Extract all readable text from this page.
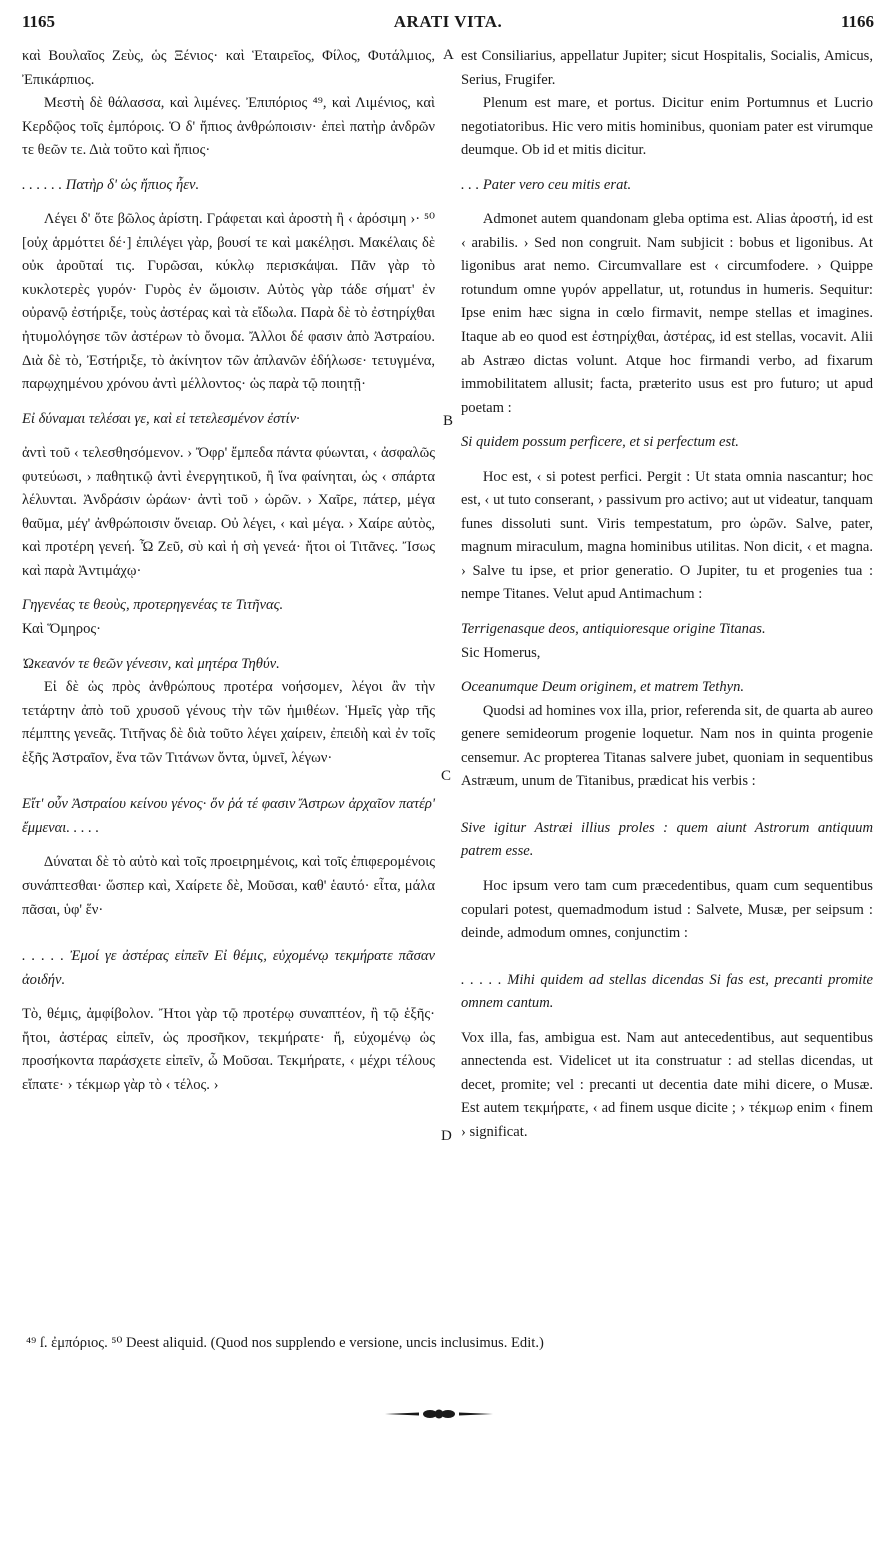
1165	ARATI VITA.	1166

καὶ Βουλαῖος Ζεὺς, ὡς Ξένιος· καὶ Ἑταιρεῖος, Φίλος, Φυτάλμιος, Ἐπικάρπιος.

Μεστὴ δὲ θάλασσα, καὶ λιμένες. Ἐπιπόριος ⁴⁹, καὶ Λιμένιος, καὶ Κερδῷος τοῖς ἐμπόροις. Ὁ δ' ἤπιος ἀνθρώποισιν· ἐπεὶ πατὴρ ἀνδρῶν τε θεῶν τε. Διὰ τοῦτο καὶ ἤπιος·

. . . . . . Πατὴρ δ' ὡς ἤπιος ἦεν.

Λέγει δ' ὅτε βῶλος ἀρίστη. Γράφεται καὶ ἀροστὴ ἢ ‹ ἀρόσιμη ›· ⁵⁰ [οὐχ ἁρμόττει δέ·] ἐπιλέγει γὰρ, βουσί τε καὶ μακέλῃσι. Μακέλαις δὲ οὐκ ἀροῦταί τις. Γυρῶσαι, κύκλῳ περισκάψαι. Πᾶν γὰρ τὸ κυκλοτερὲς γυρόν· Γυρὸς ἐν ὤμοισιν. Αὐτὸς γὰρ τάδε σήματ' ἐν οὐρανῷ ἐστήριξε, τοὺς ἀστέρας καὶ τὰ εἴδωλα. Παρὰ δὲ τὸ ἐστηρίχθαι ἠτυμολόγησε τῶν ἀστέρων τὸ ὄνομα. Ἄλλοι δέ φασιν ἀπὸ Ἀστραίου. Διὰ δὲ τὸ, Ἐστήριξε, τὸ ἀκίνητον τῶν ἀπλανῶν ἐδήλωσε· τετυγμένα, παρῳχημένου χρόνου ἀντὶ μέλλοντος· ὡς παρὰ τῷ ποιητῇ·

Εἰ δύναμαι τελέσαι γε, καὶ εἰ τετελεσμένον ἐστίν·

ἀντὶ τοῦ ‹ τελεσθησόμενον. › Ὄφρ' ἔμπεδα πάντα φύωνται, ‹ ἀσφαλῶς φυτεύωσι, › παθητικῷ ἀντὶ ἐνεργητικοῦ, ἢ ἵνα φαίνηται, ὡς ‹ σπάρτα λέλυνται. Ἀνδράσιν ὡράων· ἀντὶ τοῦ › ὡρῶν. › Χαῖρε, πάτερ, μέγα θαῦμα, μέγ' ἀνθρώποισιν ὄνειαρ. Οὐ λέγει, ‹ καὶ μέγα. › Χαίρε αὐτὸς, καὶ προτέρη γενεή. Ὦ Ζεῦ, σὺ καὶ ἡ σὴ γενεά· ἤτοι οἱ Τιτᾶνες. Ἴσως καὶ παρὰ Ἀντιμάχῳ·

Γηγενέας τε θεοὺς, προτερηγενέας τε Τιτῆνας.

Καὶ Ὅμηρος·

Ὠκεανόν τε θεῶν γένεσιν, καὶ μητέρα Τηθύν.

Εἰ δὲ ὡς πρὸς ἀνθρώπους προτέρα νοήσομεν, λέγοι ἂν τὴν τετάρτην ἀπὸ τοῦ χρυσοῦ γένους τὴν τῶν ἡμιθέων. Ἡμεῖς γὰρ τῆς πέμπτης γενεᾶς. Τιτῆνας δὲ διὰ τοῦτο λέγει χαίρειν, ἐπειδὴ καὶ ἐν τοῖς ἑξῆς Ἀστραῖον, ἕνα τῶν Τιτάνων ὄντα, ὑμνεῖ, λέγων·

Εἴτ' οὖν Ἀστραίου κείνου γένος· ὅν ῥά τέ φασιν Ἄστρων ἀρχαῖον πατέρ' ἔμμεναι. . . . .

Δύναται δὲ τὸ αὐτὸ καὶ τοῖς προειρημένοις, καὶ τοῖς ἐπιφερομένοις συνάπτεσθαι· ὥσπερ καὶ, Χαίρετε δὲ, Μοῦσαι, καθ' ἑαυτό· εἶτα, μάλα πᾶσαι, ὑφ' ἕν·

. . . . . Ἐμοί γε ἀστέρας εἰπεῖν Εἰ θέμις, εὐχομένῳ τεκμήρατε πᾶσαν ἀοιδήν.

Τὸ, θέμις, ἀμφίβολον. Ἤτοι γὰρ τῷ προτέρῳ συναπτέον, ἢ τῷ ἑξῆς· ἤτοι, ἀστέρας εἰπεῖν, ὡς προσῆκον, τεκμήρατε· ἤ, εὐχομένῳ ὡς προσήκοντα παράσχετε εἰπεῖν, ὦ Μοῦσαι. Τεκμήρατε, ‹ μέχρι τέλους εἴπατε· › τέκμωρ γὰρ τὸ ‹ τέλος. ›

A
B
C
D

est Consiliarius, appellatur Jupiter; sicut Hospitalis, Socialis, Amicus, Serius, Frugifer.

Plenum est mare, et portus. Dicitur enim Portumnus et Lucrio negotiatoribus. Hic vero mitis hominibus, quoniam pater est virumque deumque. Ob id et mitis dicitur.

. . . Pater vero ceu mitis erat.

Admonet autem quandonam gleba optima est. Alias ἀροστή, id est ‹ arabilis. › Sed non congruit. Nam subjicit : bobus et ligonibus. At ligonibus arat nemo. Circumvallare est ‹ circumfodere. › Quippe rotundum omne γυρόν appellatur, ut, rotundus in humeris. Sequitur: Ipse enim hæc signa in cœlo firmavit, nempe stellas et imagines. Itaque ab eo quod est ἐστηρίχθαι, ἀστέρας, id est stellas, vocavit. Alii ab Astræo dictas volunt. Atque hoc firmandi verbo, ad fixarum immobilitatem allusit; facta, præterito usus est pro futuro; ut apud poetam :

Si quidem possum perficere, et si perfectum est.

Hoc est, ‹ si potest perfici. Pergit : Ut stata omnia nascantur; hoc est, ‹ ut tuto conserant, › passivum pro activo; aut ut videatur, tanquam funes dissoluti sunt. Viris tempestatum, pro ὡρῶν. Salve, pater, magnum miraculum, magna hominibus utilitas. Non dicit, ‹ et magna. › Salve tu ipse, et prior generatio. O Jupiter, tu et progenies tua : nempe Titanes. Velut apud Antimachum :

Terrigenasque deos, antiquioresque origine Titanas.

Sic Homerus,

Oceanumque Deum originem, et matrem Tethyn.

Quodsi ad homines vox illa, prior, referenda sit, de quarta ab aureo genere semideorum progenie loquetur. Nam nos in quinta progenie censemur. Ac propterea Titanas salvere jubet, quoniam in sequentibus Astræum, unum de Titanibus, prædicat his verbis :

Sive igitur Astræi illius proles : quem aiunt Astrorum antiquum patrem esse.

Hoc ipsum vero tam cum præcedentibus, quam cum sequentibus copulari potest, quemadmodum istud : Salvete, Musæ, per seipsum : deinde, admodum omnes, conjunctim :

. . . . . Mihi quidem ad stellas dicendas Si fas est, precanti promite omnem cantum.

Vox illa, fas, ambigua est. Nam aut antecedentibus, aut sequentibus annectenda est. Videlicet ut ita construatur : ad stellas dicendas, ut decet, promite; vel : precanti ut decentia date mihi dicere, o Musæ. Est autem τεκμήρατε, ‹ ad finem usque dicite ; › τέκμωρ enim ‹ finem › significat.

⁴⁹ ſ. ἐμπόριος. ⁵⁰ Deest aliquid. (Quod nos supplendo e versione, uncis inclusimus. Edit.)
